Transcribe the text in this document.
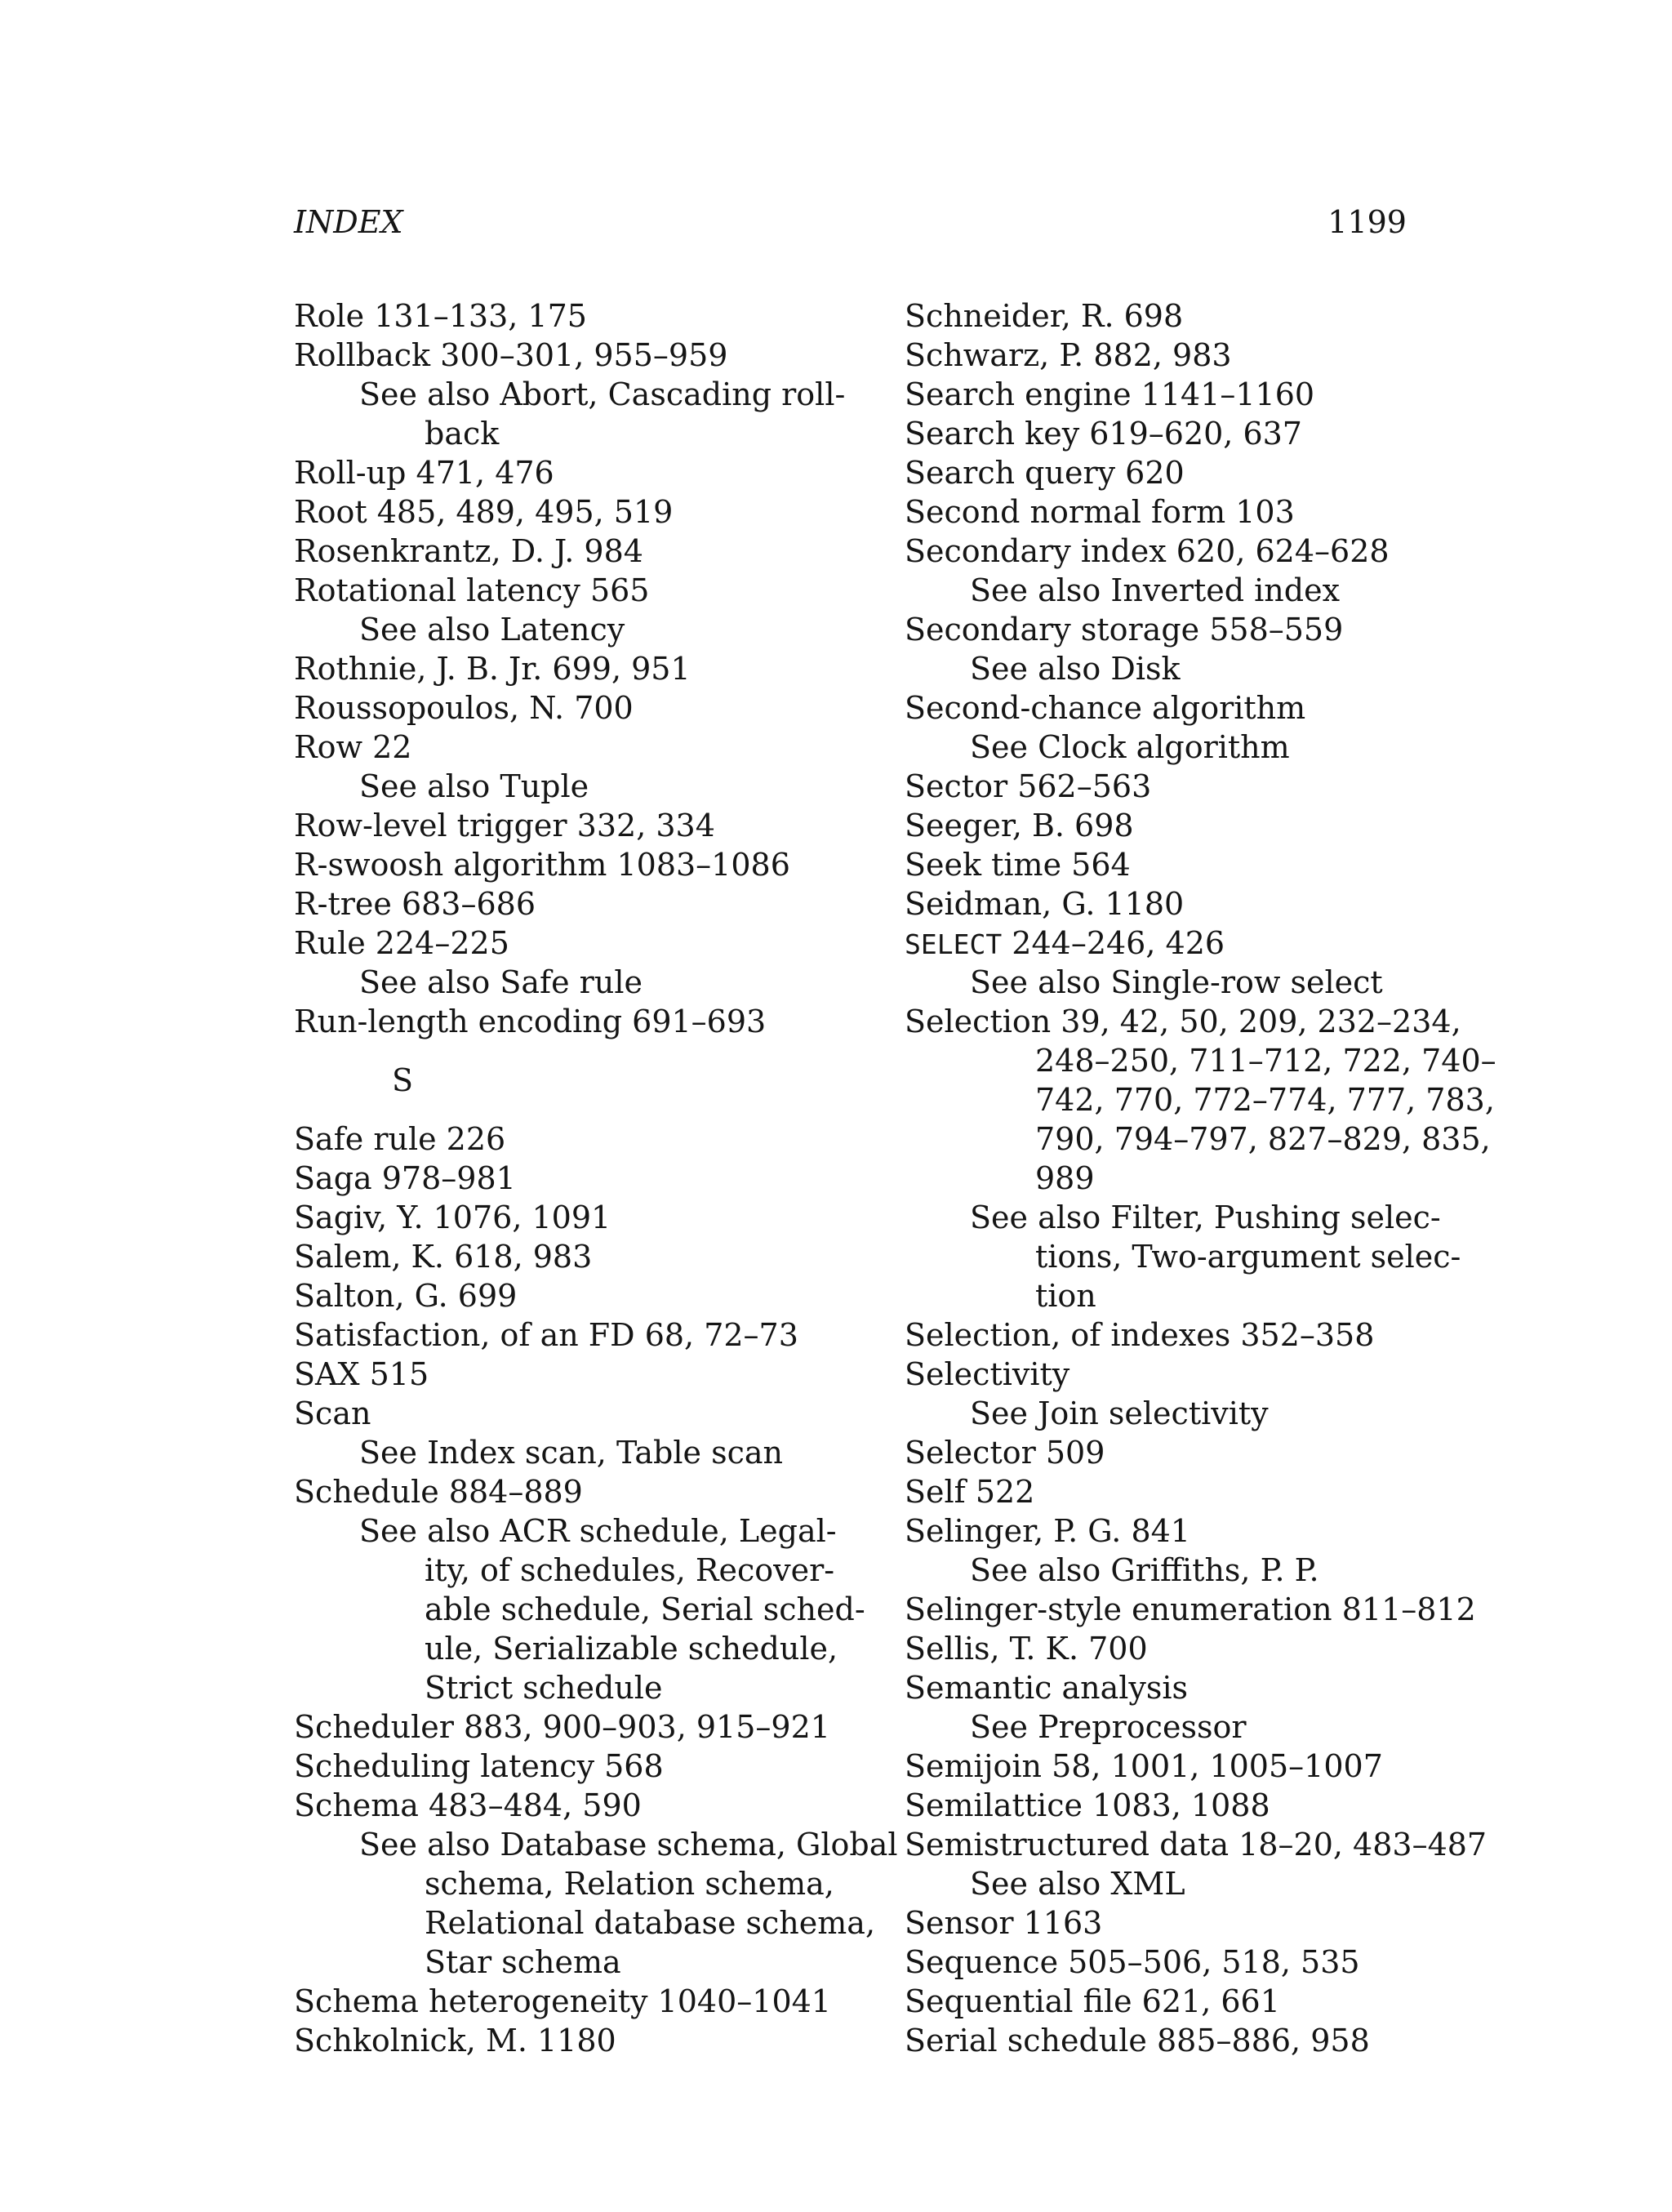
INDEX	1199
Role 131–133, 175
Rollback 300–301, 955–959
See also Abort, Cascading roll-
back
Roll-up 471, 476
Root 485, 489, 495, 519
Rosenkrantz, D. J. 984
Rotational latency 565
See also Latency
Rothnie, J. B. Jr. 699, 951
Roussopoulos, N. 700
Row 22
See also Tuple
Row-level trigger 332, 334
R-swoosh algorithm 1083–1086
R-tree 683–686
Rule 224–225
See also Safe rule
Run-length encoding 691–693
S
Safe rule 226
Saga 978–981
Sagiv, Y. 1076, 1091
Salem, K. 618, 983
Salton, G. 699
Satisfaction, of an FD 68, 72–73
SAX 515
Scan
See Index scan, Table scan
Schedule 884–889
See also ACR schedule, Legal-
ity, of schedules, Recover-
able schedule, Serial sched-
ule, Serializable schedule,
Strict schedule
Scheduler 883, 900–903, 915–921
Scheduling latency 568
Schema 483–484, 590
See also Database schema, Global
schema, Relation schema,
Relational database schema,
Star schema
Schema heterogeneity 1040–1041
Schkolnick, M. 1180
Schneider, R. 698
Schwarz, P. 882, 983
Search engine 1141–1160
Search key 619–620, 637
Search query 620
Second normal form 103
Secondary index 620, 624–628
See also Inverted index
Secondary storage 558–559
See also Disk
Second-chance algorithm
See Clock algorithm
Sector 562–563
Seeger, B. 698
Seek time 564
Seidman, G. 1180
SELECT 244–246, 426
See also Single-row select
Selection 39, 42, 50, 209, 232–234,
248–250, 711–712, 722, 740–
742, 770, 772–774, 777, 783,
790, 794–797, 827–829, 835,
989
See also Filter, Pushing selec-
tions, Two-argument selec-
tion
Selection, of indexes 352–358
Selectivity
See Join selectivity
Selector 509
Self 522
Selinger, P. G. 841
See also Griffiths, P. P.
Selinger-style enumeration 811–812
Sellis, T. K. 700
Semantic analysis
See Preprocessor
Semijoin 58, 1001, 1005–1007
Semilattice 1083, 1088
Semistructured data 18–20, 483–487
See also XML
Sensor 1163
Sequence 505–506, 518, 535
Sequential file 621, 661
Serial schedule 885–886, 958
